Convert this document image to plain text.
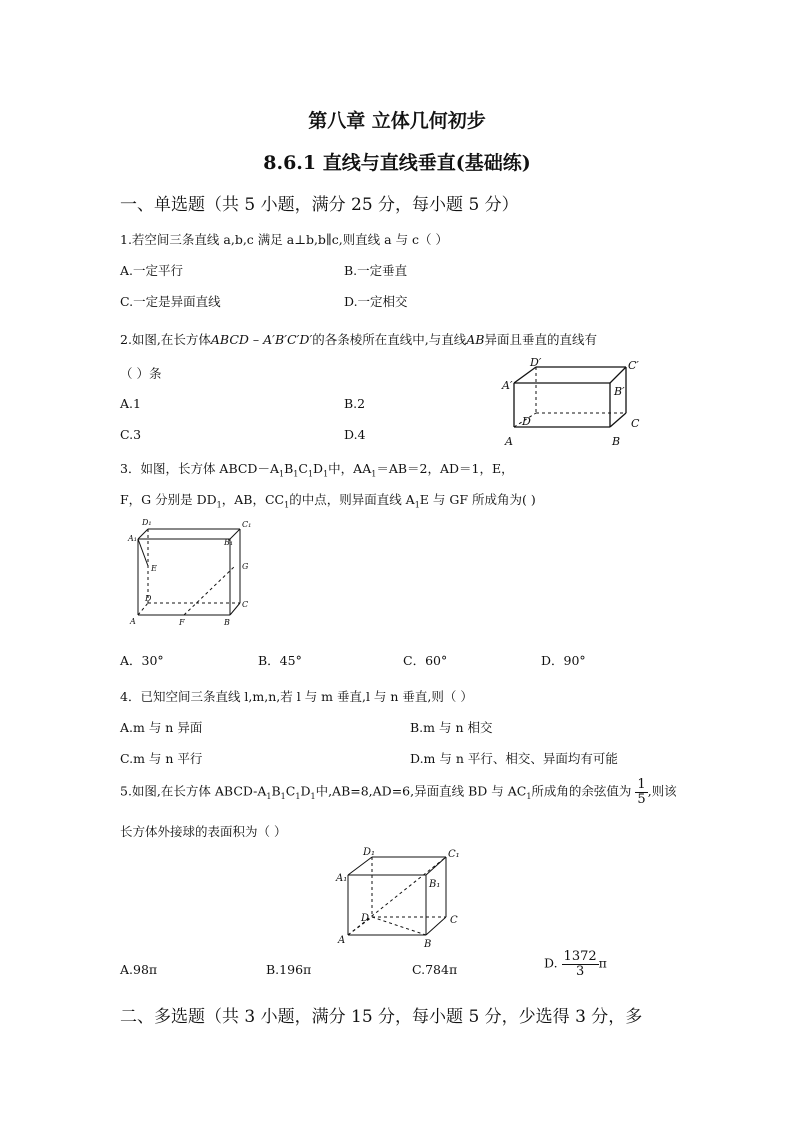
第八章 立体几何初步
8.6.1 直线与直线垂直(基础练)
一、单选题（共 5 小题，满分 25 分，每小题 5 分）
1.若空间三条直线 a,b,c 满足 a⊥b,b∥c,则直线 a 与 c（ ）
A.一定平行	B.一定垂直
C.一定是异面直线	D.一定相交
2.如图,在长方体ABCD – A′B′C′D′的各条棱所在直线中,与直线AB异面且垂直的直线有
（ ）条
A.1	B.2
C.3	D.4
D′	C′
A′	B′
D	C
A	B
3．如图，长方体 $ABCD-A_1B_1C_1D_1$中，$AA_1=AB=2$，AD＝1，E，
F，G 分别是 $DD_1$，AB，$CC_1$的中点，则异面直线 $A_1E$ 与 GF 所成角为( )
D₁
A₁
C₁
B₁
E	G
D
C
A	F	B
A．30°	B．45°	C．60°	D．90°
4．已知空间三条直线 l,m,n,若 l 与 m 垂直,l 与 n 垂直,则（ ）
A.m 与 n 异面	B.m 与 n 相交
C.m 与 n 平行	D.m 与 n 平行、相交、异面均有可能
5.如图,在长方体 ABCD-$A_1B_1C_1D_1$中,AB=8,AD=6,异面直线 BD 与 $AC_1$所成角的余弦值为 $\frac{1}{5}$ ,则该
长方体外接球的表面积为（ ）
D₁	C₁
A₁
B₁
D	C
A	B
A.98π	B.196π	C.784π	D. $\frac{1372}{3}$ π
二、多选题（共 3 小题，满分 15 分，每小题 5 分，少选得 3 分，多
